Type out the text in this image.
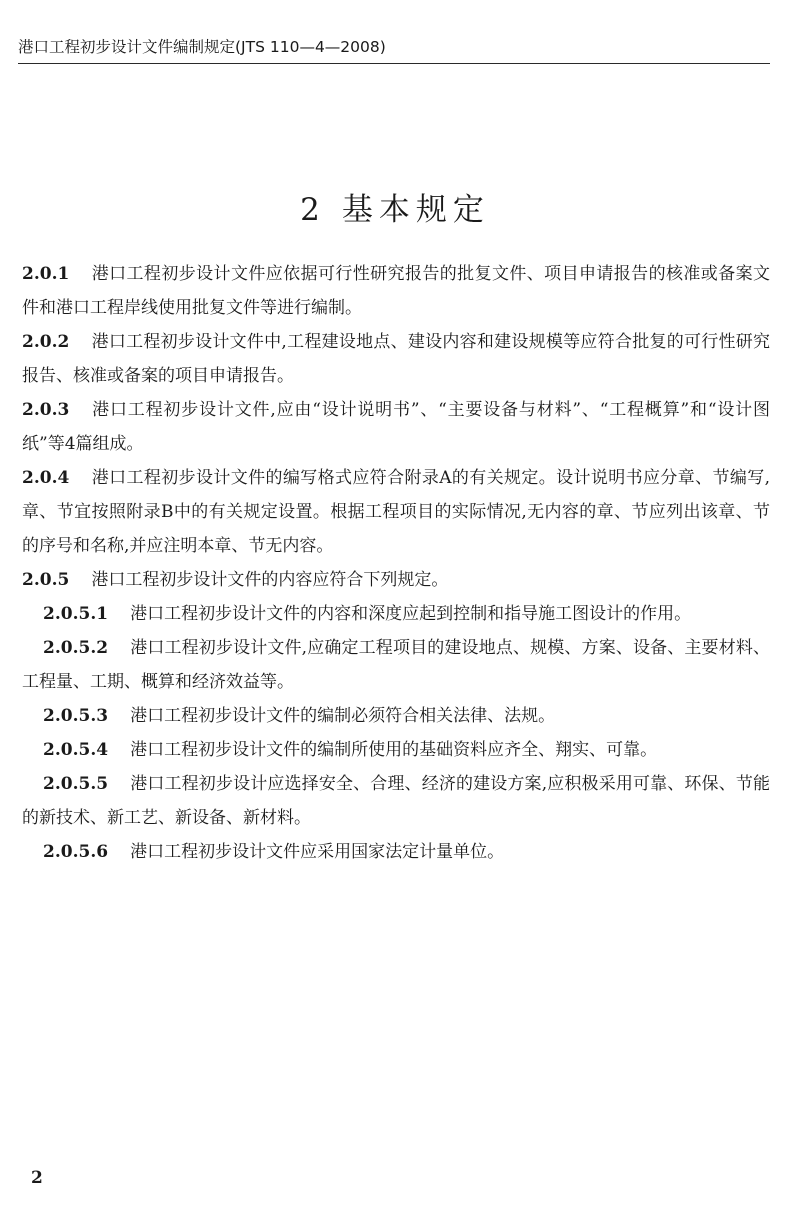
港口工程初步设计文件编制规定(JTS 110—4—2008)
2 基本规定

2.0.1 港口工程初步设计文件应依据可行性研究报告的批复文件、项目申请报告的核准或备案文件和港口工程岸线使用批复文件等进行编制。

2.0.2 港口工程初步设计文件中,工程建设地点、建设内容和建设规模等应符合批复的可行性研究报告、核准或备案的项目申请报告。

2.0.3 港口工程初步设计文件,应由“设计说明书”、“主要设备与材料”、“工程概算”和“设计图纸”等4篇组成。

2.0.4 港口工程初步设计文件的编写格式应符合附录A的有关规定。设计说明书应分章、节编写,章、节宜按照附录B中的有关规定设置。根据工程项目的实际情况,无内容的章、节应列出该章、节的序号和名称,并应注明本章、节无内容。

2.0.5 港口工程初步设计文件的内容应符合下列规定。

2.0.5.1 港口工程初步设计文件的内容和深度应起到控制和指导施工图设计的作用。

2.0.5.2 港口工程初步设计文件,应确定工程项目的建设地点、规模、方案、设备、主要材料、工程量、工期、概算和经济效益等。

2.0.5.3 港口工程初步设计文件的编制必须符合相关法律、法规。

2.0.5.4 港口工程初步设计文件的编制所使用的基础资料应齐全、翔实、可靠。

2.0.5.5 港口工程初步设计应选择安全、合理、经济的建设方案,应积极采用可靠、环保、节能的新技术、新工艺、新设备、新材料。

2.0.5.6 港口工程初步设计文件应采用国家法定计量单位。

2
